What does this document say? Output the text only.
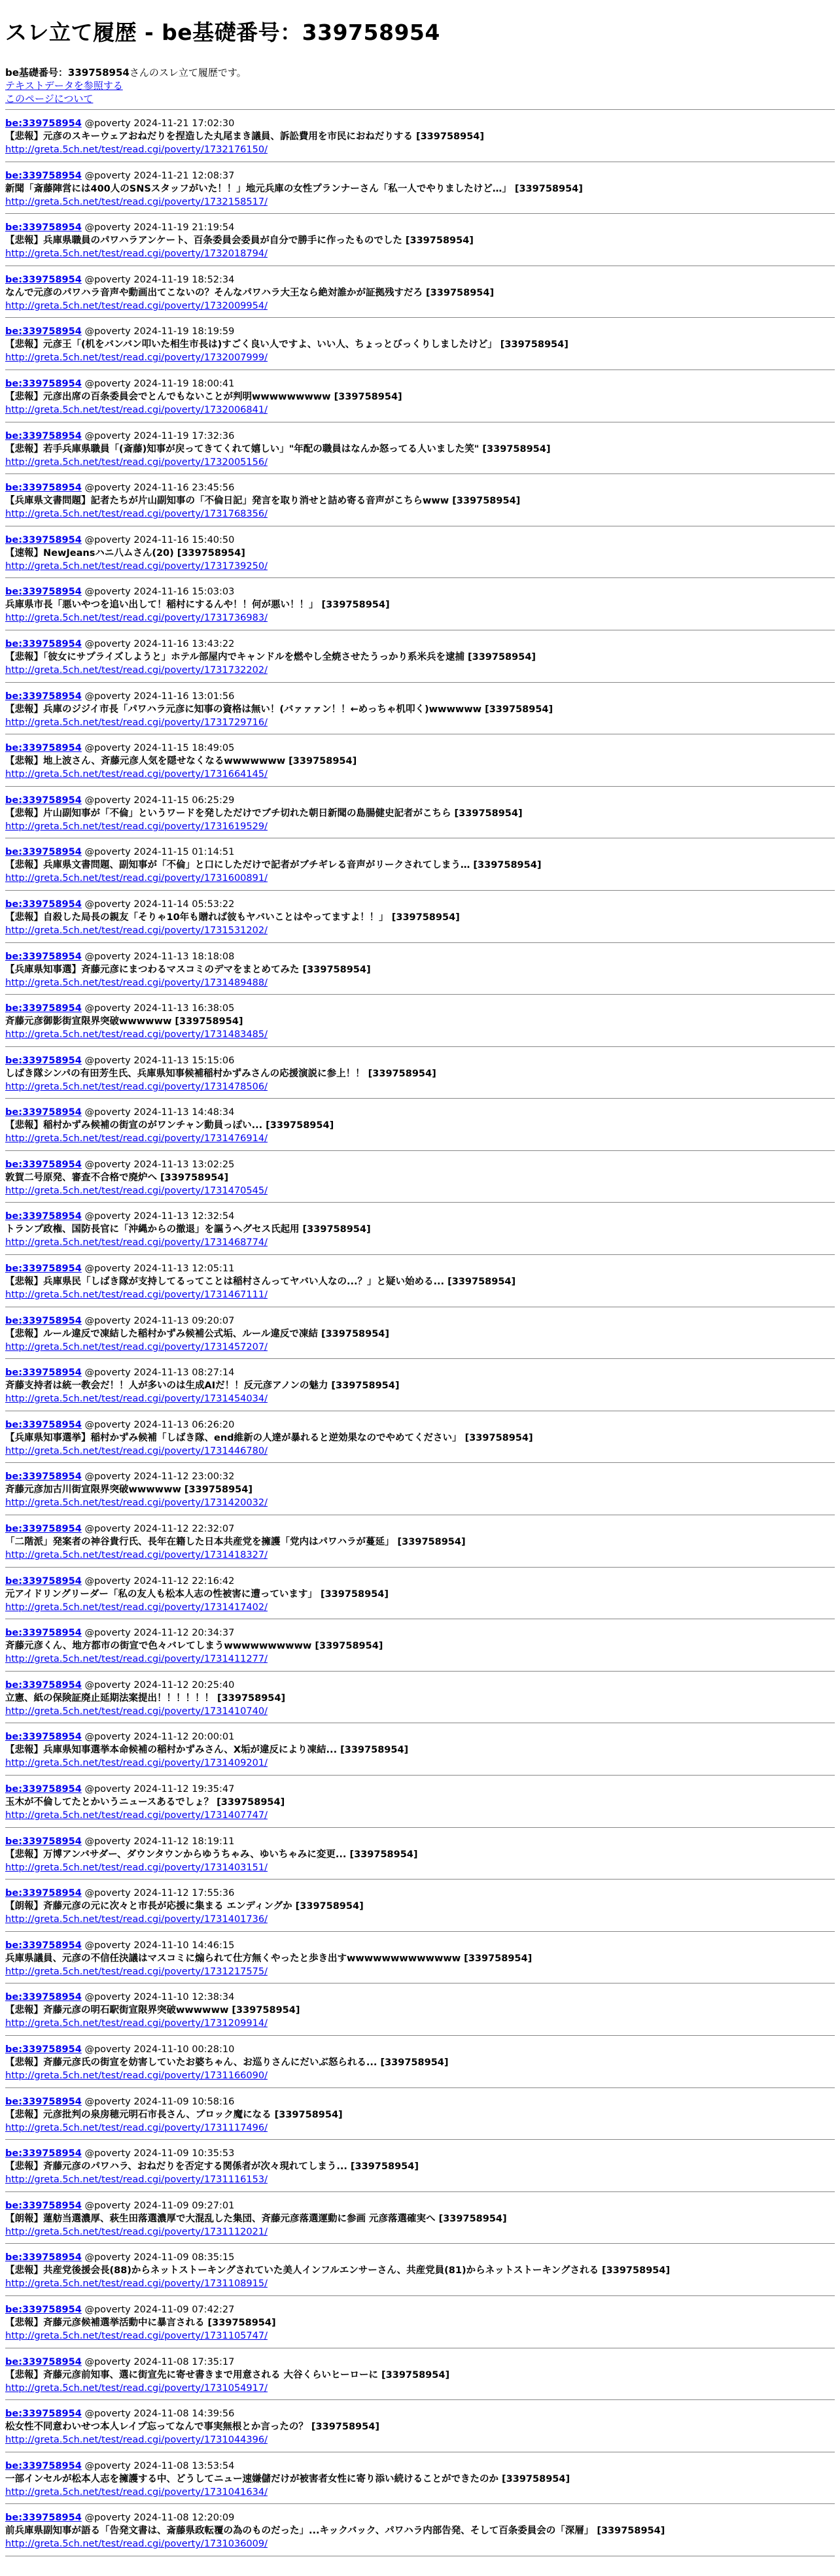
スレ立て履歴 - be基礎番号：339758954
be基礎番号：339758954さんのスレ立て履歴です。
テキストデータを参照する
このページについて
be:339758954 @poverty 2024-11-21 17:02:30
【悲報】元彦のスキーウェアおねだりを捏造した丸尾まき議員、訴訟費用を市民におねだりする [339758954]
http://greta.5ch.net/test/read.cgi/poverty/1732176150/
be:339758954 @poverty 2024-11-21 12:08:37
新聞「斎藤陣営には400人のSNSスタッフがいた！！」地元兵庫の女性プランナーさん「私一人でやりましたけど…」 [339758954]
http://greta.5ch.net/test/read.cgi/poverty/1732158517/
be:339758954 @poverty 2024-11-19 21:19:54
【悲報】兵庫県職員のパワハラアンケート、百条委員会委員が自分で勝手に作ったものでした [339758954]
http://greta.5ch.net/test/read.cgi/poverty/1732018794/
be:339758954 @poverty 2024-11-19 18:52:34
なんで元彦のパワハラ音声や動画出てこないの？そんなパワハラ大王なら絶対誰かが証拠残すだろ [339758954]
http://greta.5ch.net/test/read.cgi/poverty/1732009954/
be:339758954 @poverty 2024-11-19 18:19:59
【悲報】元彦王「(机をバンバン叩いた相生市長は)すごく良い人ですよ、いい人、ちょっとびっくりしましたけど」 [339758954]
http://greta.5ch.net/test/read.cgi/poverty/1732007999/
be:339758954 @poverty 2024-11-19 18:00:41
【悲報】元彦出席の百条委員会でとんでもないことが判明wwwwwwwww [339758954]
http://greta.5ch.net/test/read.cgi/poverty/1732006841/
be:339758954 @poverty 2024-11-19 17:32:36
【悲報】若手兵庫県職員「(斎藤)知事が戻ってきてくれて嬉しい」"年配の職員はなんか怒ってる人いました笑" [339758954]
http://greta.5ch.net/test/read.cgi/poverty/1732005156/
be:339758954 @poverty 2024-11-16 23:45:56
【兵庫県文書問題】記者たちが片山副知事の「不倫日記」発言を取り消せと詰め寄る音声がこちらwww [339758954]
http://greta.5ch.net/test/read.cgi/poverty/1731768356/
be:339758954 @poverty 2024-11-16 15:40:50
【速報】NewJeansハニ八ムさん(20) [339758954]
http://greta.5ch.net/test/read.cgi/poverty/1731739250/
be:339758954 @poverty 2024-11-16 15:03:03
兵庫県市長「悪いやつを追い出して！稲村にするんや！！何が悪い！！」 [339758954]
http://greta.5ch.net/test/read.cgi/poverty/1731736983/
be:339758954 @poverty 2024-11-16 13:43:22
【悲報】「彼女にサプライズしようと」ホテル部屋内でキャンドルを燃やし全焼させたうっかり系米兵を逮捕 [339758954]
http://greta.5ch.net/test/read.cgi/poverty/1731732202/
be:339758954 @poverty 2024-11-16 13:01:56
【悲報】兵庫のジジイ市長「パワハラ元彦に知事の資格は無い！(バァァァン！！←めっちゃ机叩く)wwwwww [339758954]
http://greta.5ch.net/test/read.cgi/poverty/1731729716/
be:339758954 @poverty 2024-11-15 18:49:05
【悲報】地上波さん、斉藤元彦人気を隠せなくなるwwwwwww [339758954]
http://greta.5ch.net/test/read.cgi/poverty/1731664145/
be:339758954 @poverty 2024-11-15 06:25:29
【悲報】片山副知事が「不倫」というワードを発しただけでブチ切れた朝日新聞の島腸健史記者がこちら [339758954]
http://greta.5ch.net/test/read.cgi/poverty/1731619529/
be:339758954 @poverty 2024-11-15 01:14:51
【悲報】兵庫県文書問題、副知事が「不倫」と口にしただけで記者がブチギレる音声がリークされてしまう… [339758954]
http://greta.5ch.net/test/read.cgi/poverty/1731600891/
be:339758954 @poverty 2024-11-14 05:53:22
【悲報】自殺した局長の親友「そりゃ10年も贈れば彼もヤバいことはやってますよ！！」 [339758954]
http://greta.5ch.net/test/read.cgi/poverty/1731531202/
be:339758954 @poverty 2024-11-13 18:18:08
【兵庫県知事選】斉藤元彦にまつわるマスコミのデマをまとめてみた [339758954]
http://greta.5ch.net/test/read.cgi/poverty/1731489488/
be:339758954 @poverty 2024-11-13 16:38:05
斉藤元彦御影街宣限界突破wwwwww [339758954]
http://greta.5ch.net/test/read.cgi/poverty/1731483485/
be:339758954 @poverty 2024-11-13 15:15:06
しばき隊シンパの有田芳生氏、兵庫県知事候補稲村かずみさんの応援演説に参上！！ [339758954]
http://greta.5ch.net/test/read.cgi/poverty/1731478506/
be:339758954 @poverty 2024-11-13 14:48:34
【悲報】稲村かずみ候補の街宣のがワンチャン動員っぽい... [339758954]
http://greta.5ch.net/test/read.cgi/poverty/1731476914/
be:339758954 @poverty 2024-11-13 13:02:25
敦賀二号原発、審査不合格で廃炉へ [339758954]
http://greta.5ch.net/test/read.cgi/poverty/1731470545/
be:339758954 @poverty 2024-11-13 12:32:54
トランプ政権、国防長官に「沖縄からの撤退」を謳うヘグセス氏起用 [339758954]
http://greta.5ch.net/test/read.cgi/poverty/1731468774/
be:339758954 @poverty 2024-11-13 12:05:11
【悲報】兵庫県民「しばき隊が支持してるってことは稲村さんってヤバい人なの...？」と疑い始める... [339758954]
http://greta.5ch.net/test/read.cgi/poverty/1731467111/
be:339758954 @poverty 2024-11-13 09:20:07
【悲報】ルール違反で凍結した稲村かずみ候補公式垢、ルール違反で凍結 [339758954]
http://greta.5ch.net/test/read.cgi/poverty/1731457207/
be:339758954 @poverty 2024-11-13 08:27:14
斉藤支持者は統一教会だ！！人が多いのは生成AIだ！！反元彦アノンの魅力 [339758954]
http://greta.5ch.net/test/read.cgi/poverty/1731454034/
be:339758954 @poverty 2024-11-13 06:26:20
【兵庫県知事選挙】稲村かずみ候補「しばき隊、end維新の人達が暴れると逆効果なのでやめてください」 [339758954]
http://greta.5ch.net/test/read.cgi/poverty/1731446780/
be:339758954 @poverty 2024-11-12 23:00:32
斉藤元彦加古川街宣限界突破wwwwww [339758954]
http://greta.5ch.net/test/read.cgi/poverty/1731420032/
be:339758954 @poverty 2024-11-12 22:32:07
「二階派」発案者の神谷貴行氏、長年在籍した日本共産党を擁護「党内はパワハラが蔓延」 [339758954]
http://greta.5ch.net/test/read.cgi/poverty/1731418327/
be:339758954 @poverty 2024-11-12 22:16:42
元アイドリングリーダー「私の友人も松本人志の性被害に遭っています」 [339758954]
http://greta.5ch.net/test/read.cgi/poverty/1731417402/
be:339758954 @poverty 2024-11-12 20:34:37
斉藤元彦くん、地方都市の街宣で色々バレてしまうwwwwwwwwww [339758954]
http://greta.5ch.net/test/read.cgi/poverty/1731411277/
be:339758954 @poverty 2024-11-12 20:25:40
立憲、紙の保険証廃止延期法案提出！！！！！！ [339758954]
http://greta.5ch.net/test/read.cgi/poverty/1731410740/
be:339758954 @poverty 2024-11-12 20:00:01
【悲報】兵庫県知事選挙本命候補の稲村かずみさん、X垢が違反により凍結... [339758954]
http://greta.5ch.net/test/read.cgi/poverty/1731409201/
be:339758954 @poverty 2024-11-12 19:35:47
玉木が不倫してたとかいうニュースあるでしょ？ [339758954]
http://greta.5ch.net/test/read.cgi/poverty/1731407747/
be:339758954 @poverty 2024-11-12 18:19:11
【悲報】万博アンバサダー、ダウンタウンからゆうちゃみ、ゆいちゃみに変更... [339758954]
http://greta.5ch.net/test/read.cgi/poverty/1731403151/
be:339758954 @poverty 2024-11-12 17:55:36
【朗報】斉藤元彦の元に次々と市長が応援に集まる エンディングか [339758954]
http://greta.5ch.net/test/read.cgi/poverty/1731401736/
be:339758954 @poverty 2024-11-10 14:46:15
兵庫県議員、元彦の不信任決議はマスコミに煽られて仕方無くやったと歩き出すwwwwwwwwwwwww [339758954]
http://greta.5ch.net/test/read.cgi/poverty/1731217575/
be:339758954 @poverty 2024-11-10 12:38:34
【悲報】斉藤元彦の明石駅街宣限界突破wwwwww [339758954]
http://greta.5ch.net/test/read.cgi/poverty/1731209914/
be:339758954 @poverty 2024-11-10 00:28:10
【悲報】斉藤元彦氏の街宣を妨害していたお婆ちゃん、お巡りさんにだいぶ怒られる... [339758954]
http://greta.5ch.net/test/read.cgi/poverty/1731166090/
be:339758954 @poverty 2024-11-09 10:58:16
【悲報】元彦批判の泉房穂元明石市長さん、ブロック魔になる [339758954]
http://greta.5ch.net/test/read.cgi/poverty/1731117496/
be:339758954 @poverty 2024-11-09 10:35:53
【悲報】斉藤元彦のパワハラ、おねだりを否定する関係者が次々現れてしまう... [339758954]
http://greta.5ch.net/test/read.cgi/poverty/1731116153/
be:339758954 @poverty 2024-11-09 09:27:01
【朗報】蓮舫当選濃厚、萩生田落選濃厚で大混乱した集団、斉藤元彦落選運動に参画 元彦落選確実へ [339758954]
http://greta.5ch.net/test/read.cgi/poverty/1731112021/
be:339758954 @poverty 2024-11-09 08:35:15
【悲報】共産党後援会長(88)からネットストーキングされていた美人インフルエンサーさん、共産党員(81)からネットストーキングされる [339758954]
http://greta.5ch.net/test/read.cgi/poverty/1731108915/
be:339758954 @poverty 2024-11-09 07:42:27
【悲報】斉藤元彦候補選挙活動中に暴言される [339758954]
http://greta.5ch.net/test/read.cgi/poverty/1731105747/
be:339758954 @poverty 2024-11-08 17:35:17
【悲報】斉藤元彦前知事、選に街宣先に寄せ書きまで用意される 大谷くらいヒーローに [339758954]
http://greta.5ch.net/test/read.cgi/poverty/1731054917/
be:339758954 @poverty 2024-11-08 14:39:56
松女性不同意わいせつ本人レイプ忘ってなんで事実無根とか言ったの？ [339758954]
http://greta.5ch.net/test/read.cgi/poverty/1731044396/
be:339758954 @poverty 2024-11-08 13:53:54
一部インセルが松本人志を擁護する中、どうしてニュー速嫌儲だけが被害者女性に寄り添い続けることができたのか [339758954]
http://greta.5ch.net/test/read.cgi/poverty/1731041634/
be:339758954 @poverty 2024-11-08 12:20:09
前兵庫県副知事が語る「告発文書は、斎藤県政転覆の為のものだった」...キックバック、パワハラ内部告発、そして百条委員会の「深層」 [339758954]
http://greta.5ch.net/test/read.cgi/poverty/1731036009/
